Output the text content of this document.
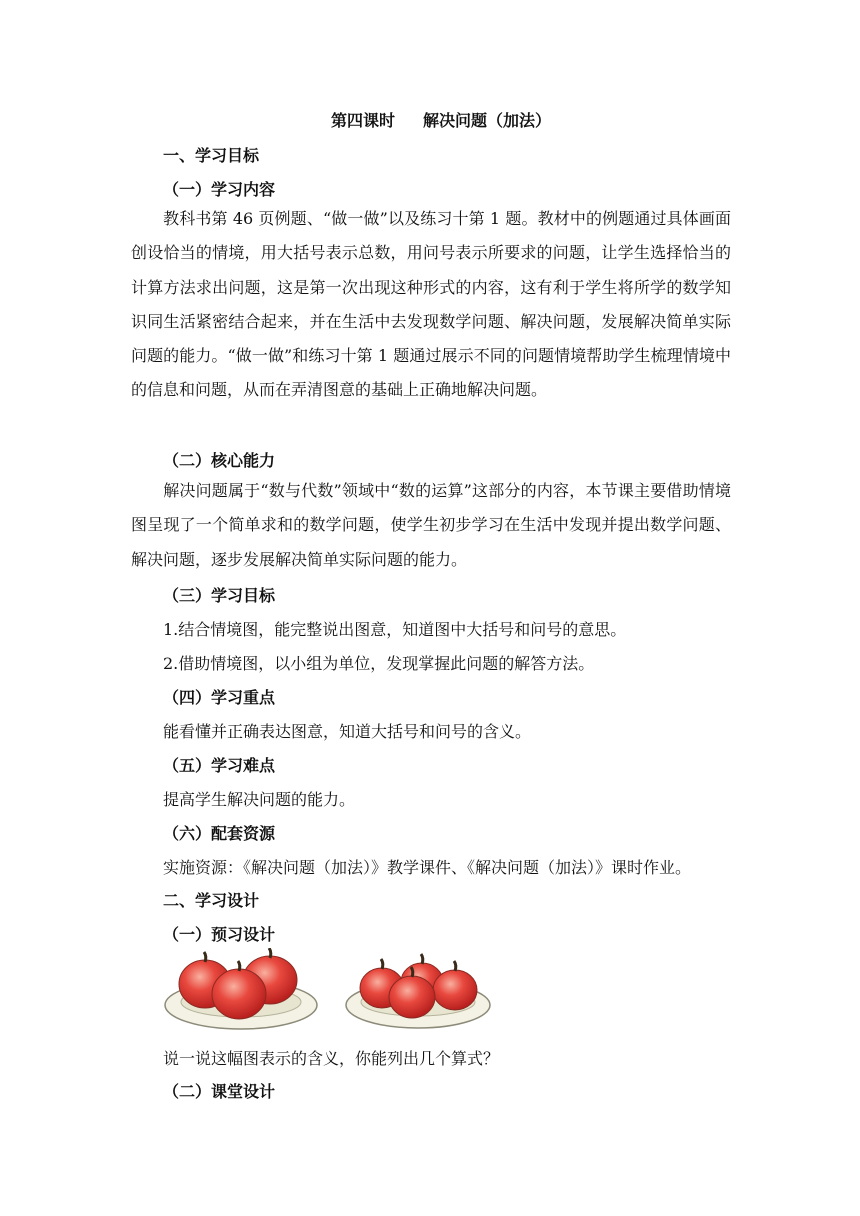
第四课时 解决问题（加法）
一、学习目标
（一）学习内容
教科书第 46 页例题、“做一做”以及练习十第 1 题。教材中的例题通过具体画面创设恰当的情境，用大括号表示总数，用问号表示所要求的问题，让学生选择恰当的计算方法求出问题，这是第一次出现这种形式的内容，这有利于学生将所学的数学知识同生活紧密结合起来，并在生活中去发现数学问题、解决问题，发展解决简单实际问题的能力。“做一做”和练习十第 1 题通过展示不同的问题情境帮助学生梳理情境中的信息和问题，从而在弄清图意的基础上正确地解决问题。
（二）核心能力
解决问题属于“数与代数”领域中“数的运算”这部分的内容，本节课主要借助情境图呈现了一个简单求和的数学问题，使学生初步学习在生活中发现并提出数学问题、解决问题，逐步发展解决简单实际问题的能力。
（三）学习目标
1.结合情境图，能完整说出图意，知道图中大括号和问号的意思。
2.借助情境图，以小组为单位，发现掌握此问题的解答方法。
（四）学习重点
能看懂并正确表达图意，知道大括号和问号的含义。
（五）学习难点
提高学生解决问题的能力。
（六）配套资源
实施资源：《解决问题（加法）》教学课件、《解决问题（加法）》课时作业。
二、学习设计
（一）预习设计
说一说这幅图表示的含义，你能列出几个算式？
（二）课堂设计
